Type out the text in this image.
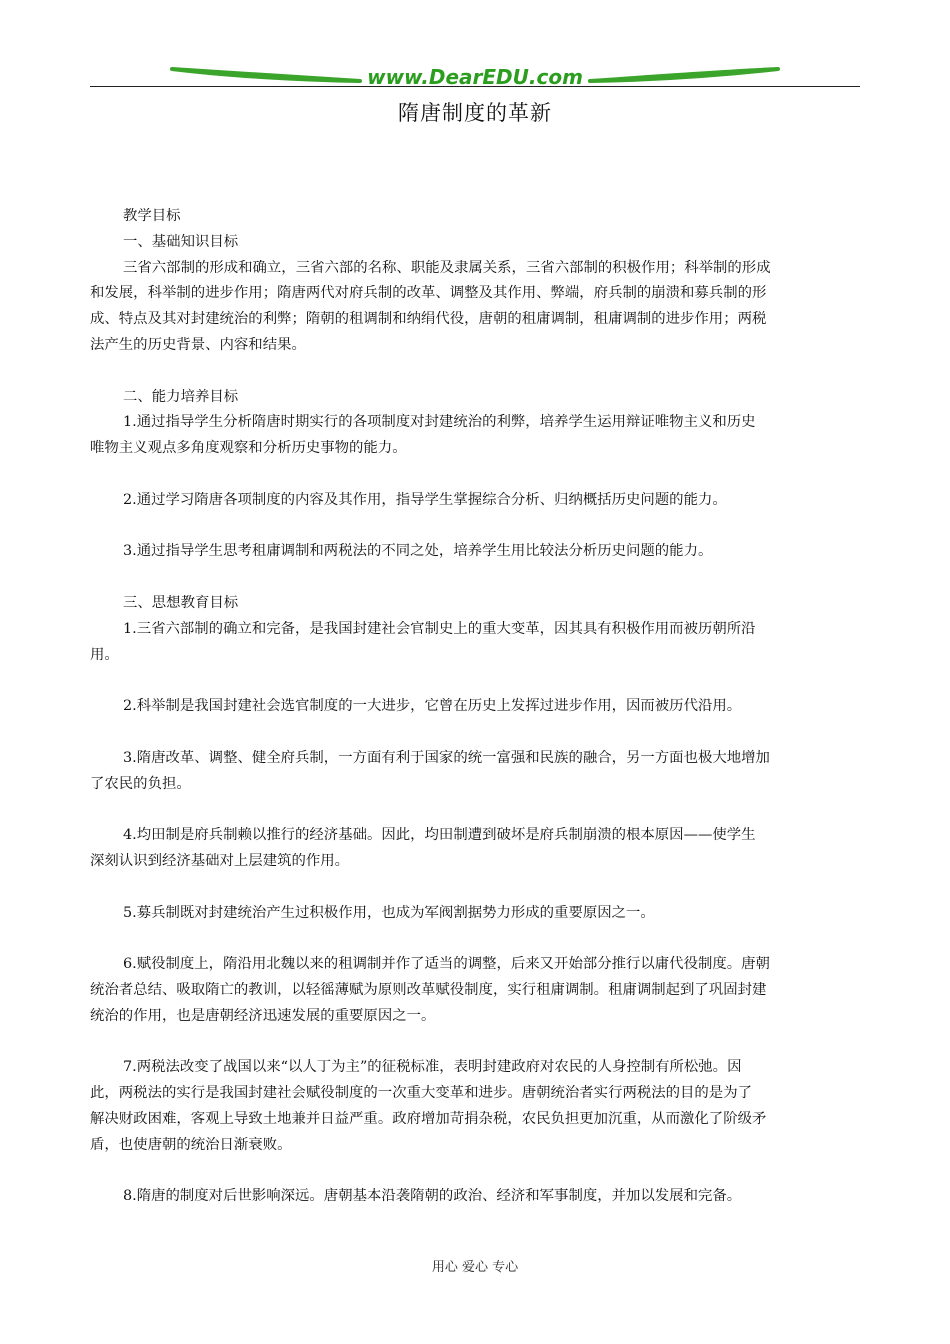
www.DearEDU.com
隋唐制度的革新
教学目标
一、基础知识目标
三省六部制的形成和确立，三省六部的名称、职能及隶属关系，三省六部制的积极作用；科举制的形成
和发展，科举制的进步作用；隋唐两代对府兵制的改革、调整及其作用、弊端，府兵制的崩溃和募兵制的形
成、特点及其对封建统治的利弊；隋朝的租调制和纳绢代役，唐朝的租庸调制，租庸调制的进步作用；两税
法产生的历史背景、内容和结果。
二、能力培养目标
1.通过指导学生分析隋唐时期实行的各项制度对封建统治的利弊，培养学生运用辩证唯物主义和历史
唯物主义观点多角度观察和分析历史事物的能力。
2.通过学习隋唐各项制度的内容及其作用，指导学生掌握综合分析、归纳概括历史问题的能力。
3.通过指导学生思考租庸调制和两税法的不同之处，培养学生用比较法分析历史问题的能力。
三、思想教育目标
1.三省六部制的确立和完备，是我国封建社会官制史上的重大变革，因其具有积极作用而被历朝所沿
用。
2.科举制是我国封建社会选官制度的一大进步，它曾在历史上发挥过进步作用，因而被历代沿用。
3.隋唐改革、调整、健全府兵制，一方面有利于国家的统一富强和民族的融合，另一方面也极大地增加
了农民的负担。
4.均田制是府兵制赖以推行的经济基础。因此，均田制遭到破坏是府兵制崩溃的根本原因——使学生
深刻认识到经济基础对上层建筑的作用。
5.募兵制既对封建统治产生过积极作用，也成为军阀割据势力形成的重要原因之一。
6.赋役制度上，隋沿用北魏以来的租调制并作了适当的调整，后来又开始部分推行以庸代役制度。唐朝
统治者总结、吸取隋亡的教训，以轻徭薄赋为原则改革赋役制度，实行租庸调制。租庸调制起到了巩固封建
统治的作用，也是唐朝经济迅速发展的重要原因之一。
7.两税法改变了战国以来“以人丁为主”的征税标准，表明封建政府对农民的人身控制有所松弛。因
此，两税法的实行是我国封建社会赋役制度的一次重大变革和进步。唐朝统治者实行两税法的目的是为了
解决财政困难，客观上导致土地兼并日益严重。政府增加苛捐杂税，农民负担更加沉重，从而激化了阶级矛
盾，也使唐朝的统治日渐衰败。
8.隋唐的制度对后世影响深远。唐朝基本沿袭隋朝的政治、经济和军事制度，并加以发展和完备。
用心 爱心 专心
